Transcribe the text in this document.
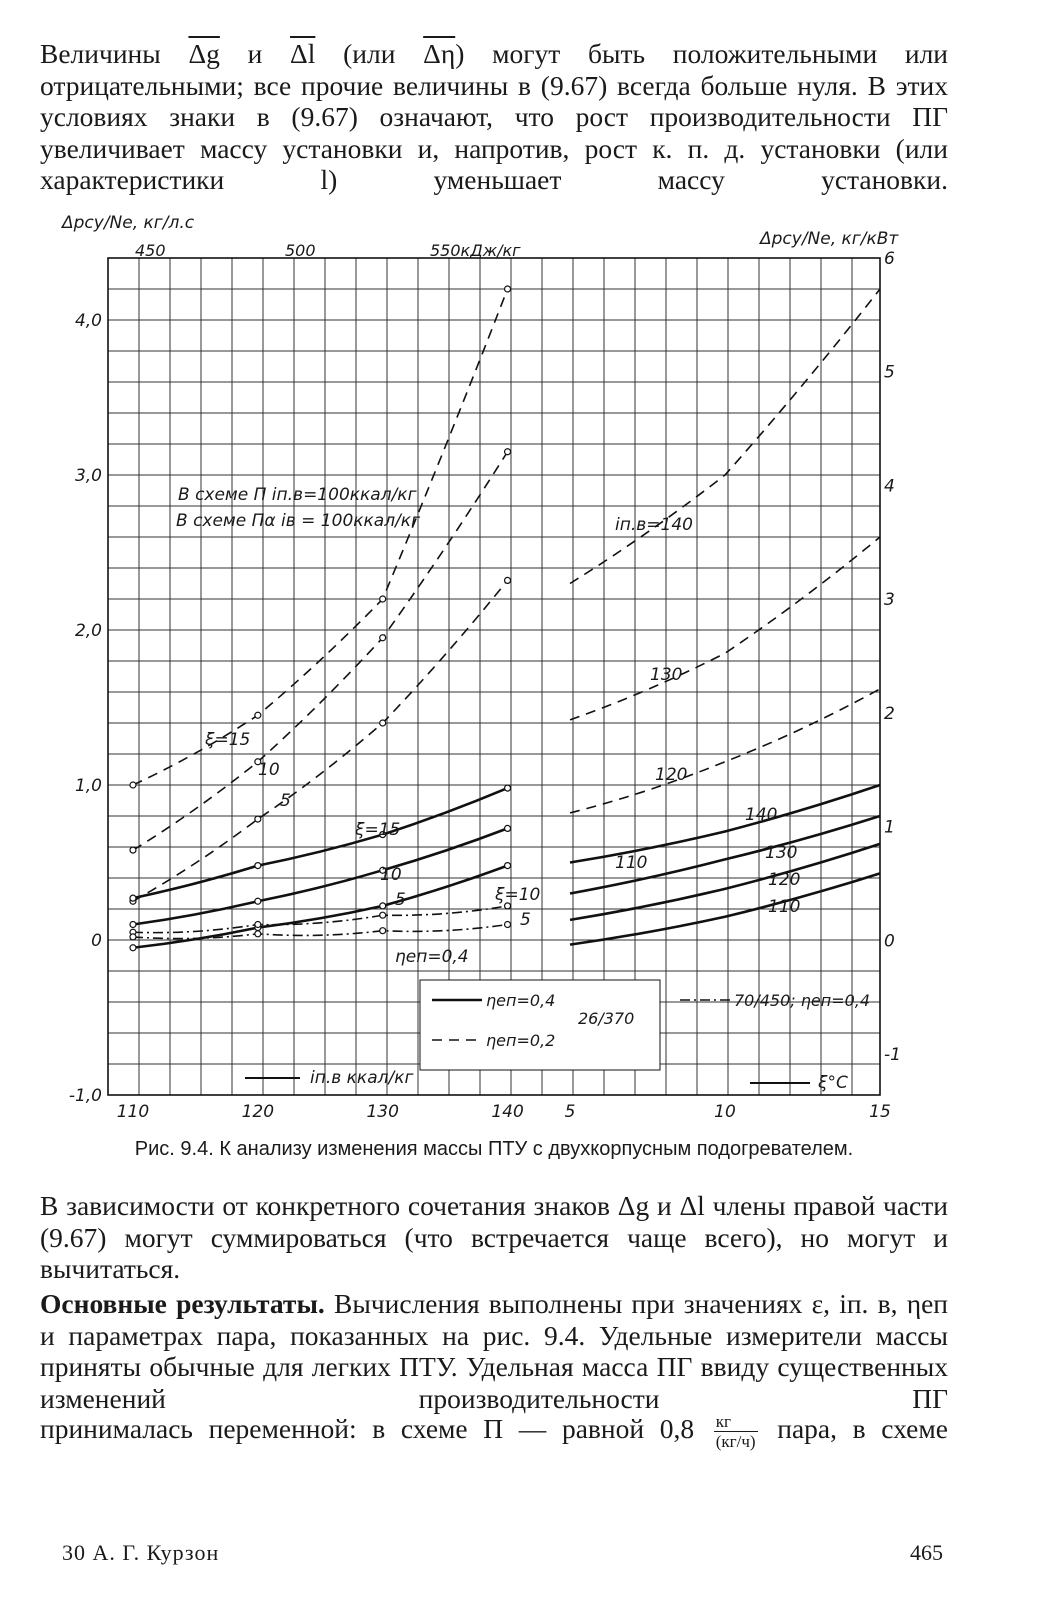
Величины $\overline{\Delta g}$ и $\overline{\Delta l}$ (или $\overline{\Delta\eta}$) могут быть положительными или отрицательными; все прочие величины в (9.67) всегда больше нуля. В этих условиях знаки в (9.67) означают, что рост производительности ПГ увеличивает массу установки и, напротив, рост к. п. д. установки (или характеристики l) уменьшает массу установки.
Δpсу/Ne, кг/л.с
Δpсу/Ne, кг/кВт
450	500	550кДж/кг
4,0
3,0
2,0
1,0
0
-1,0
6
5
4
3
2
1
0
-1
110	120	130	140 5	10	15
iп.в ккал/кг	ξ°C
В схеме П iп.в=100ккал/кг
В схеме Пα iв = 100ккал/кг
ξ=15
10
5
ξ=15
10
5	ξ=10
5
ηеп=0,4
iп.в=140
130
120
140
130
120
110
110
ηеп=0,4
ηеп=0,2
26/370
70/450; ηеп=0,4
Рис. 9.4. К анализу изменения массы ПТУ с двухкорпусным подогревателем.
В зависимости от конкретного сочетания знаков Δg и Δl члены правой части (9.67) могут суммироваться (что встречается чаще всего), но могут и вычитаться.
Основные результаты. Вычисления выполнены при значениях ε, iп. в, ηеп и параметрах пара, показанных на рис. 9.4. Удельные измерители массы приняты обычные для легких ПТУ. Удельная масса ПГ ввиду существенных изменений производительности ПГ
принималась переменной: в схеме П — равной $0,8 \frac{кг}{(кг/ч)}$ пара, в схеме
30 А. Г. Курзон	465
